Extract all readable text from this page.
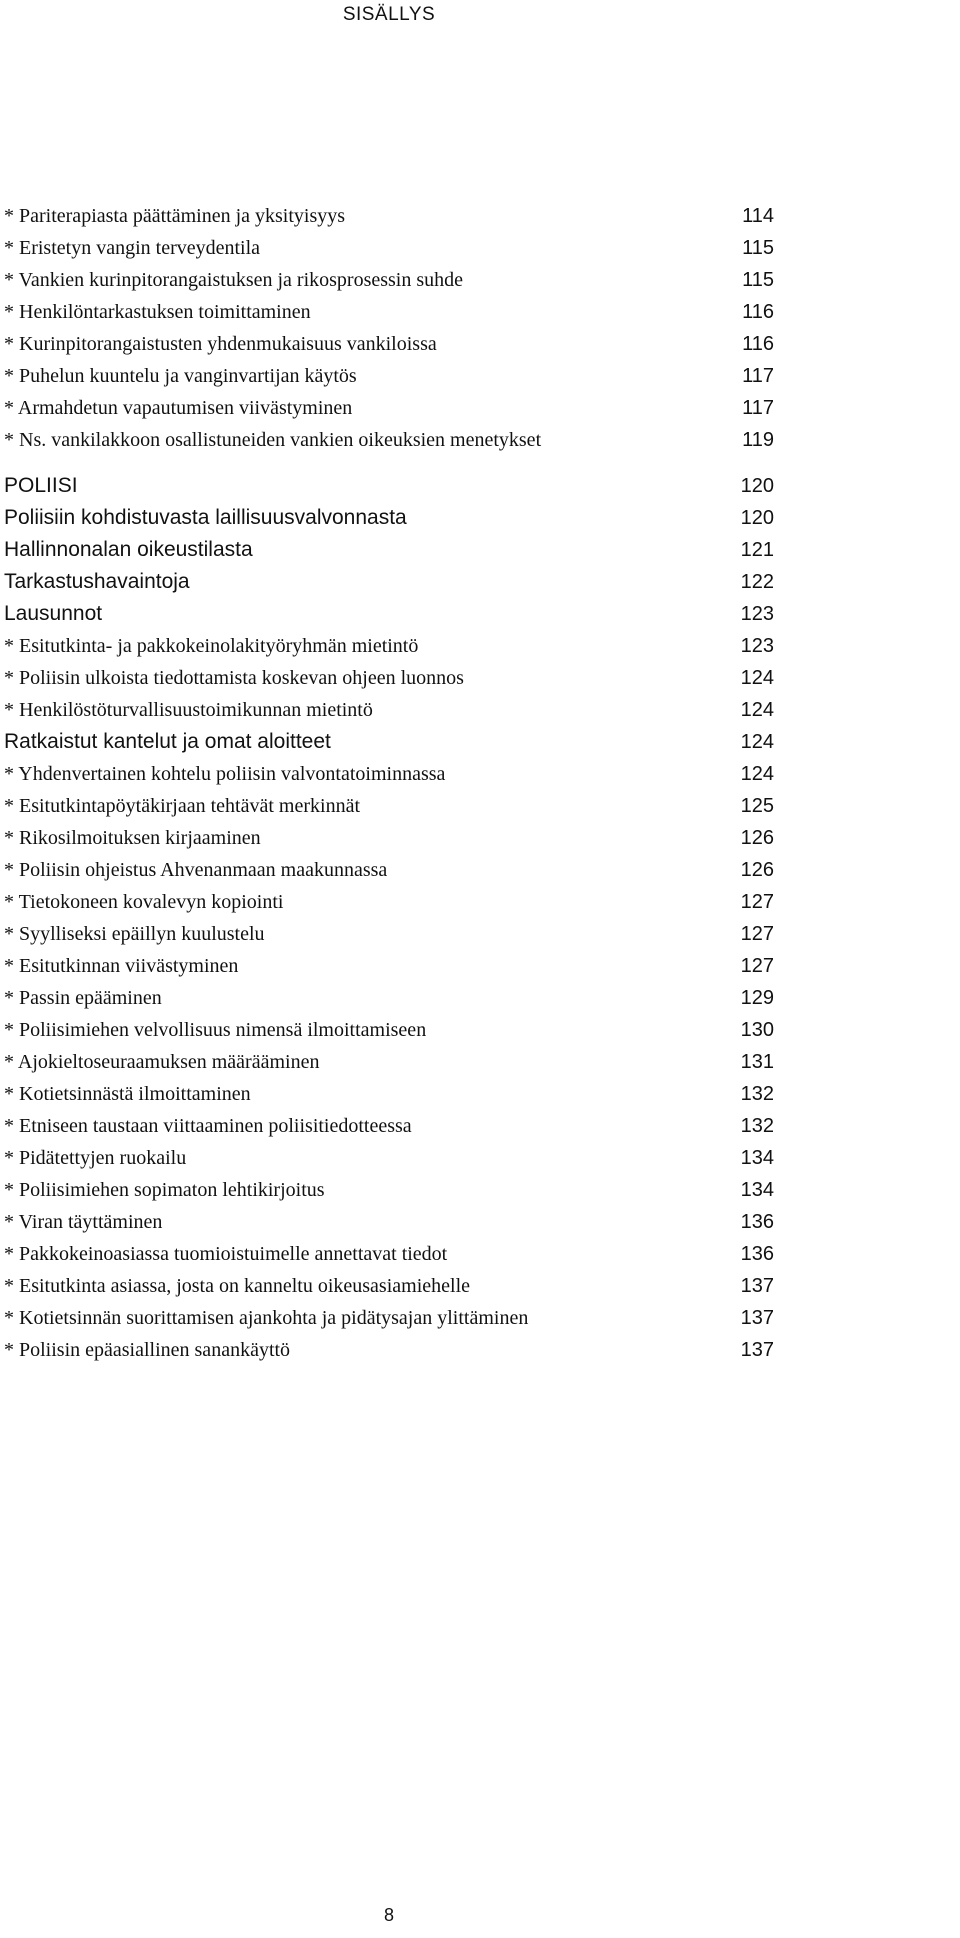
SISÄLLYS
* Pariterapiasta päättäminen ja yksityisyys	114
* Eristetyn vangin terveydentila	115
* Vankien kurinpitorangaistuksen ja rikosprosessin suhde	115
* Henkilöntarkastuksen toimittaminen	116
* Kurinpitorangaistusten yhdenmukaisuus vankiloissa	116
* Puhelun kuuntelu ja vanginvartijan käytös	117
* Armahdetun vapautumisen viivästyminen	117
* Ns. vankilakkoon osallistuneiden vankien oikeuksien menetykset	119
POLIISI	120
Poliisiin kohdistuvasta laillisuusvalvonnasta	120
Hallinnonalan oikeustilasta	121
Tarkastushavaintoja	122
Lausunnot	123
* Esitutkinta- ja pakkokeinolakityöryhmän mietintö	123
* Poliisin ulkoista tiedottamista koskevan ohjeen luonnos	124
* Henkilöstöturvallisuustoimikunnan mietintö	124
Ratkaistut kantelut ja omat aloitteet	124
* Yhdenvertainen kohtelu poliisin valvontatoiminnassa	124
* Esitutkintapöytäkirjaan tehtävät merkinnät	125
* Rikosilmoituksen kirjaaminen	126
* Poliisin ohjeistus Ahvenanmaan maakunnassa	126
* Tietokoneen kovalevyn kopiointi	127
* Syylliseksi epäillyn kuulustelu	127
* Esitutkinnan viivästyminen	127
* Passin epääminen	129
* Poliisimiehen velvollisuus nimensä ilmoittamiseen	130
* Ajokieltoseuraamuksen määrääminen	131
* Kotietsinnästä ilmoittaminen	132
* Etniseen taustaan viittaaminen poliisitiedotteessa	132
* Pidätettyjen ruokailu	134
* Poliisimiehen sopimaton lehtikirjoitus	134
* Viran täyttäminen	136
* Pakkokeinoasiassa tuomioistuimelle annettavat tiedot	136
* Esitutkinta asiassa, josta on kanneltu oikeusasiamiehelle	137
* Kotietsinnän suorittamisen ajankohta ja pidätysajan ylittäminen	137
* Poliisin epäasiallinen sanankäyttö	137
8
